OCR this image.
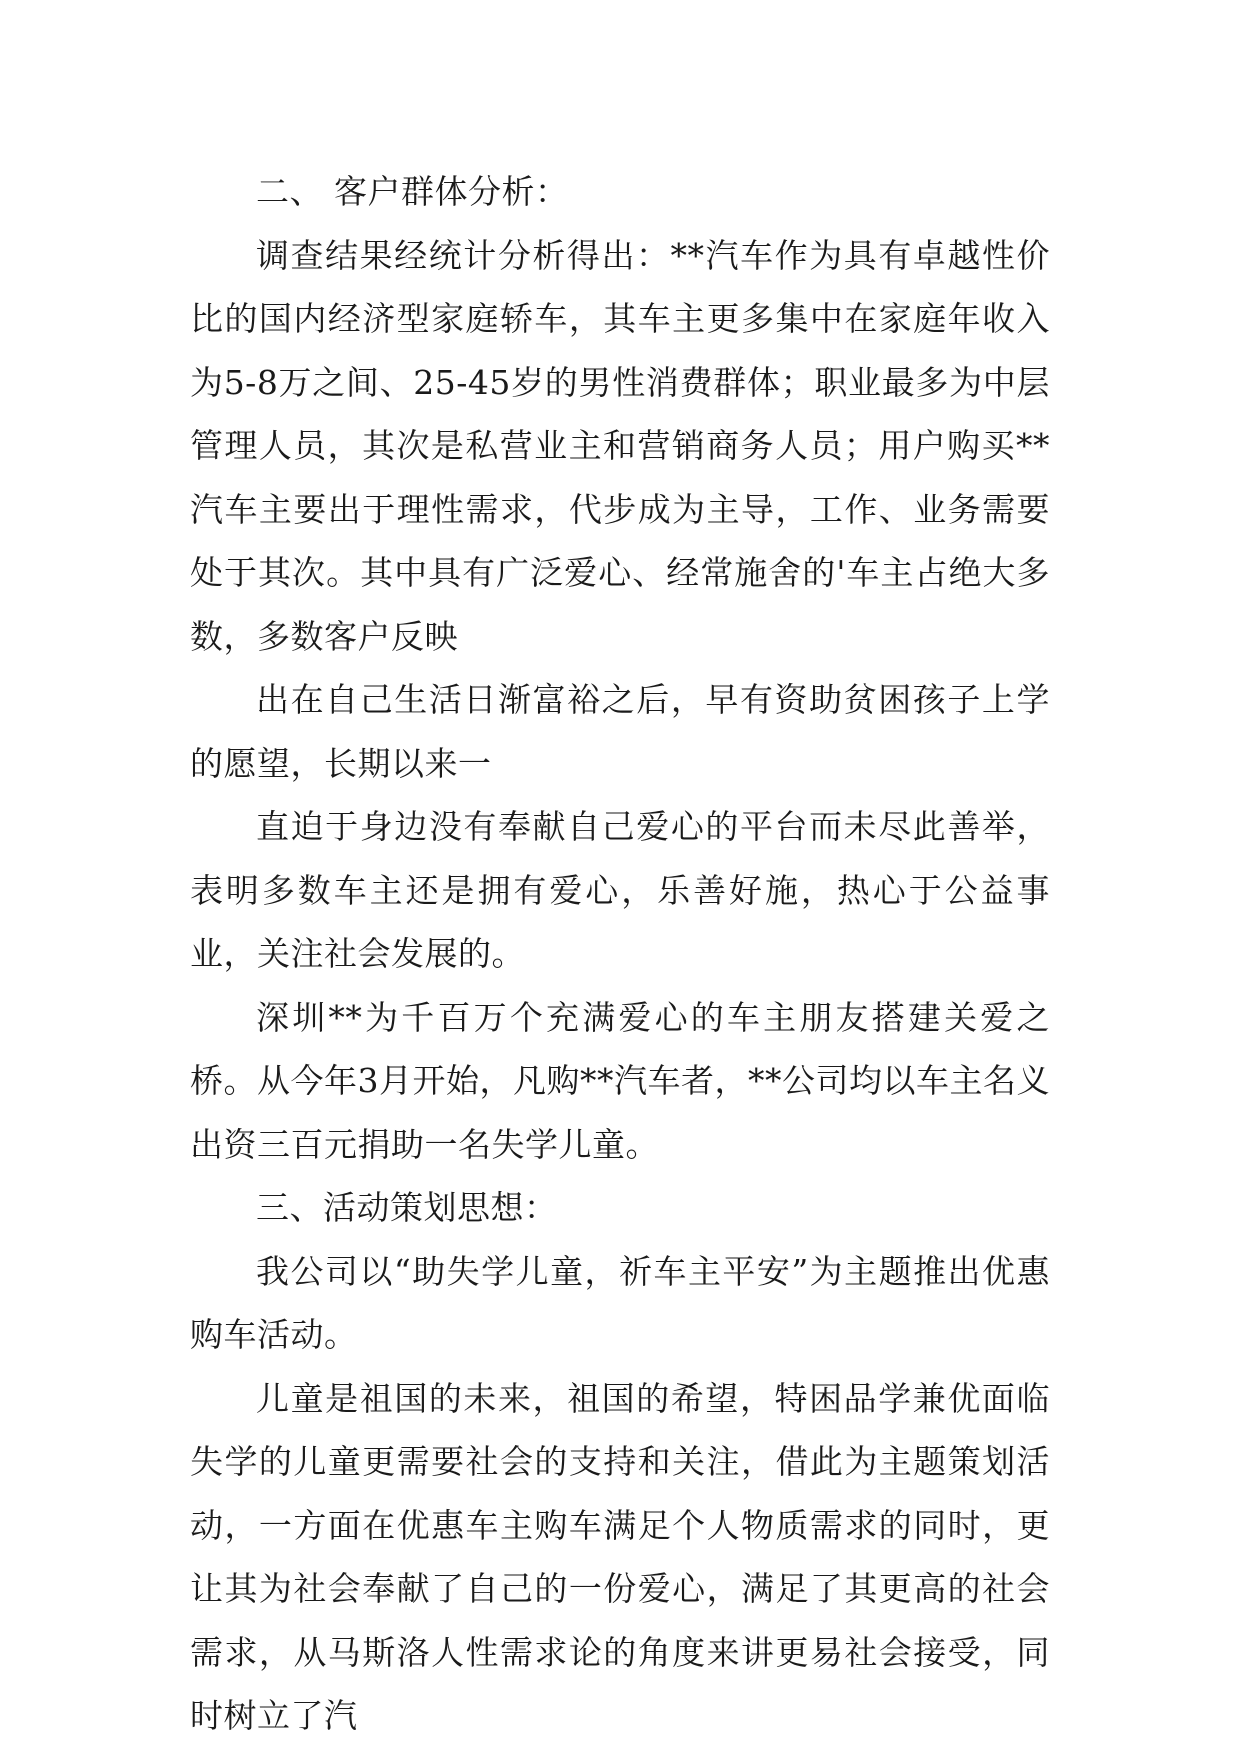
二、 客户群体分析：

调查结果经统计分析得出：**汽车作为具有卓越性价比的国内经济型家庭轿车，其车主更多集中在家庭年收入为5-8万之间、25-45岁的男性消费群体；职业最多为中层管理人员，其次是私营业主和营销商务人员；用户购买**汽车主要出于理性需求，代步成为主导，工作、业务需要处于其次。其中具有广泛爱心、经常施舍的'车主占绝大多数，多数客户反映

出在自己生活日渐富裕之后，早有资助贫困孩子上学的愿望，长期以来一

直迫于身边没有奉献自己爱心的平台而未尽此善举，表明多数车主还是拥有爱心，乐善好施，热心于公益事业，关注社会发展的。

深圳**为千百万个充满爱心的车主朋友搭建关爱之桥。从今年3月开始，凡购**汽车者，**公司均以车主名义出资三百元捐助一名失学儿童。

三、活动策划思想：

我公司以“助失学儿童，祈车主平安”为主题推出优惠购车活动。

儿童是祖国的未来，祖国的希望，特困品学兼优面临失学的儿童更需要社会的支持和关注，借此为主题策划活动，一方面在优惠车主购车满足个人物质需求的同时，更让其为社会奉献了自己的一份爱心，满足了其更高的社会需求，从马斯洛人性需求论的角度来讲更易社会接受，同时树立了汽
